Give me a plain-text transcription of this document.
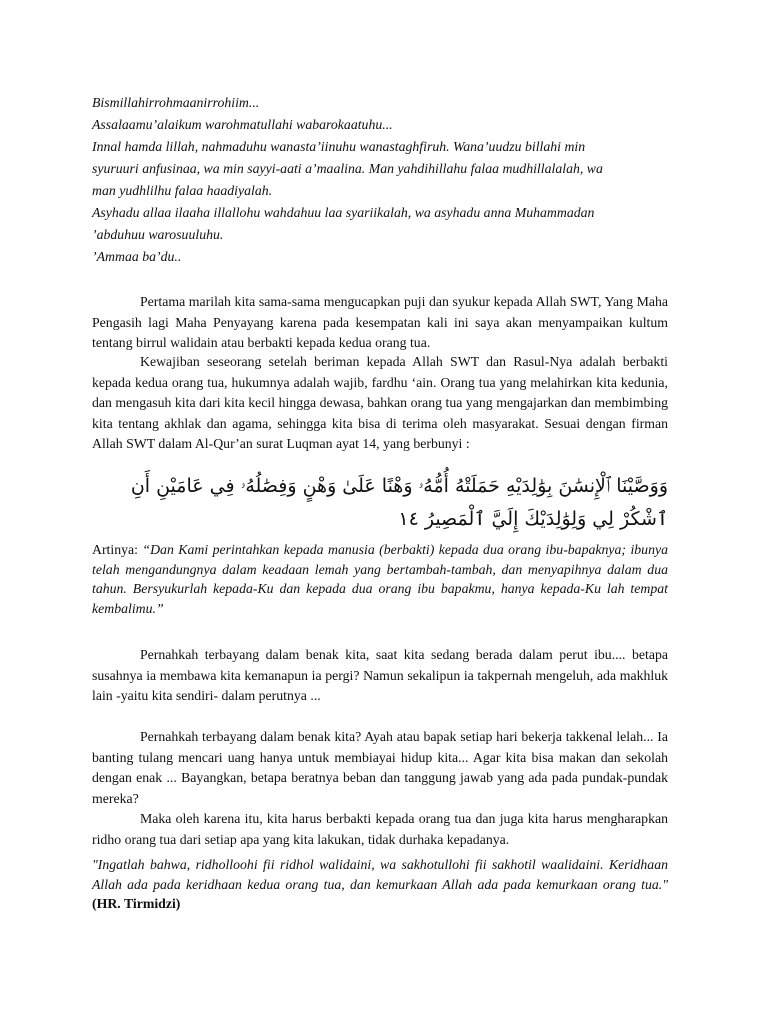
Bismillahirrohmaanirrohiim...
Assalaamu’alaikum warohmatullahi wabarokaatuhu...
Innal hamda lillah, nahmaduhu wanasta’iinuhu wanastaghfiruh. Wana’uudzu billahi min
syuruuri anfusinaa, wa min sayyi-aati a’maalina. Man yahdihillahu falaa mudhillalalah, wa
man yudhlilhu falaa haadiyalah.
Asyhadu allaa ilaaha illallohu wahdahuu laa syariikalah, wa asyhadu anna Muhammadan
’abduhuu warosuuluhu.
’Ammaa ba’du..

Pertama marilah kita sama-sama mengucapkan puji dan syukur kepada Allah SWT, Yang Maha Pengasih lagi Maha Penyayang karena pada kesempatan kali ini saya akan menyampaikan kultum tentang birrul walidain atau berbakti kepada kedua orang tua.

Kewajiban seseorang setelah beriman kepada Allah SWT dan Rasul-Nya adalah berbakti kepada kedua orang tua, hukumnya adalah wajib, fardhu ‘ain. Orang tua yang melahirkan kita kedunia, dan mengasuh kita dari kita kecil hingga dewasa, bahkan orang tua yang mengajarkan dan membimbing kita tentang akhlak dan agama, sehingga kita bisa di terima oleh masyarakat. Sesuai dengan firman Allah SWT dalam Al-Qur’an surat Luqman ayat 14, yang berbunyi :

وَوَصَّيْنَا ٱلْإِنسَٰنَ بِوَٰلِدَيْهِ حَمَلَتْهُ أُمُّهُۥ وَهْنًا عَلَىٰ وَهْنٍ وَفِصَٰلُهُۥ فِي عَامَيْنِ أَنِ
ٱشْكُرْ لِي وَلِوَٰلِدَيْكَ إِلَيَّ ٱلْمَصِيرُ ١٤

Artinya: “Dan Kami perintahkan kepada manusia (berbakti) kepada dua orang ibu-bapaknya; ibunya telah mengandungnya dalam keadaan lemah yang bertambah-tambah, dan menyapihnya dalam dua tahun. Bersyukurlah kepada-Ku dan kepada dua orang ibu bapakmu, hanya kepada-Ku lah tempat kembalimu.”

Pernahkah terbayang dalam benak kita, saat kita sedang berada dalam perut ibu.... betapa susahnya ia membawa kita kemanapun ia pergi? Namun sekalipun ia takpernah mengeluh, ada makhluk lain -yaitu kita sendiri- dalam perutnya ...

Pernahkah terbayang dalam benak kita? Ayah atau bapak setiap hari bekerja takkenal lelah... Ia banting tulang mencari uang hanya untuk membiayai hidup kita... Agar kita bisa makan dan sekolah dengan enak ... Bayangkan, betapa beratnya beban dan tanggung jawab yang ada pada pundak-pundak mereka?

Maka oleh karena itu, kita harus berbakti kepada orang tua dan juga kita harus mengharapkan ridho orang tua dari setiap apa yang kita lakukan, tidak durhaka kepadanya.

"Ingatlah bahwa, ridholloohi fii ridhol walidaini, wa sakhotullohi fii sakhotil waalidaini. Keridhaan Allah ada pada keridhaan kedua orang tua, dan kemurkaan Allah ada pada kemurkaan orang tua." (HR. Tirmidzi)
